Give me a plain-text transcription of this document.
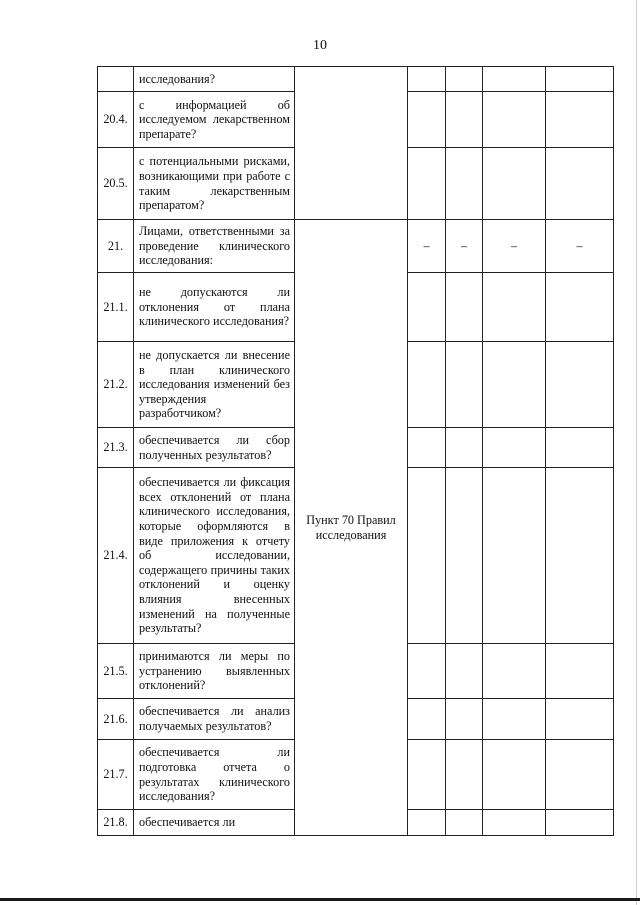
10

	исследования?					

20.4.	с информацией об исследуемом лекарственном препарате?					

20.5.	с потенциальными рисками, возникающими при работе с таким лекарственным препаратом?					

21.	Лицами, ответственными за проведение клинического исследования:	Пункт 70 Правил исследования	–	–	–	–
21.1.	не допускаются ли отклонения от плана клинического исследования?					

21.2.	не допускается ли внесение в план клинического исследования изменений без утверждения разработчиком?					

21.3.	обеспечивается ли сбор полученных результатов?					

21.4.	обеспечивается ли фиксация всех отклонений от плана клинического исследования, которые оформляются в виде приложения к отчету об исследовании, содержащего причины таких отклонений и оценку влияния внесенных изменений на полученные результаты?					

21.5.	принимаются ли меры по устранению выявленных отклонений?					

21.6.	обеспечивается ли анализ получаемых результатов?					

21.7.	обеспечивается ли подготовка отчета о результатах клинического исследования?					

21.8.	обеспечивается ли					
